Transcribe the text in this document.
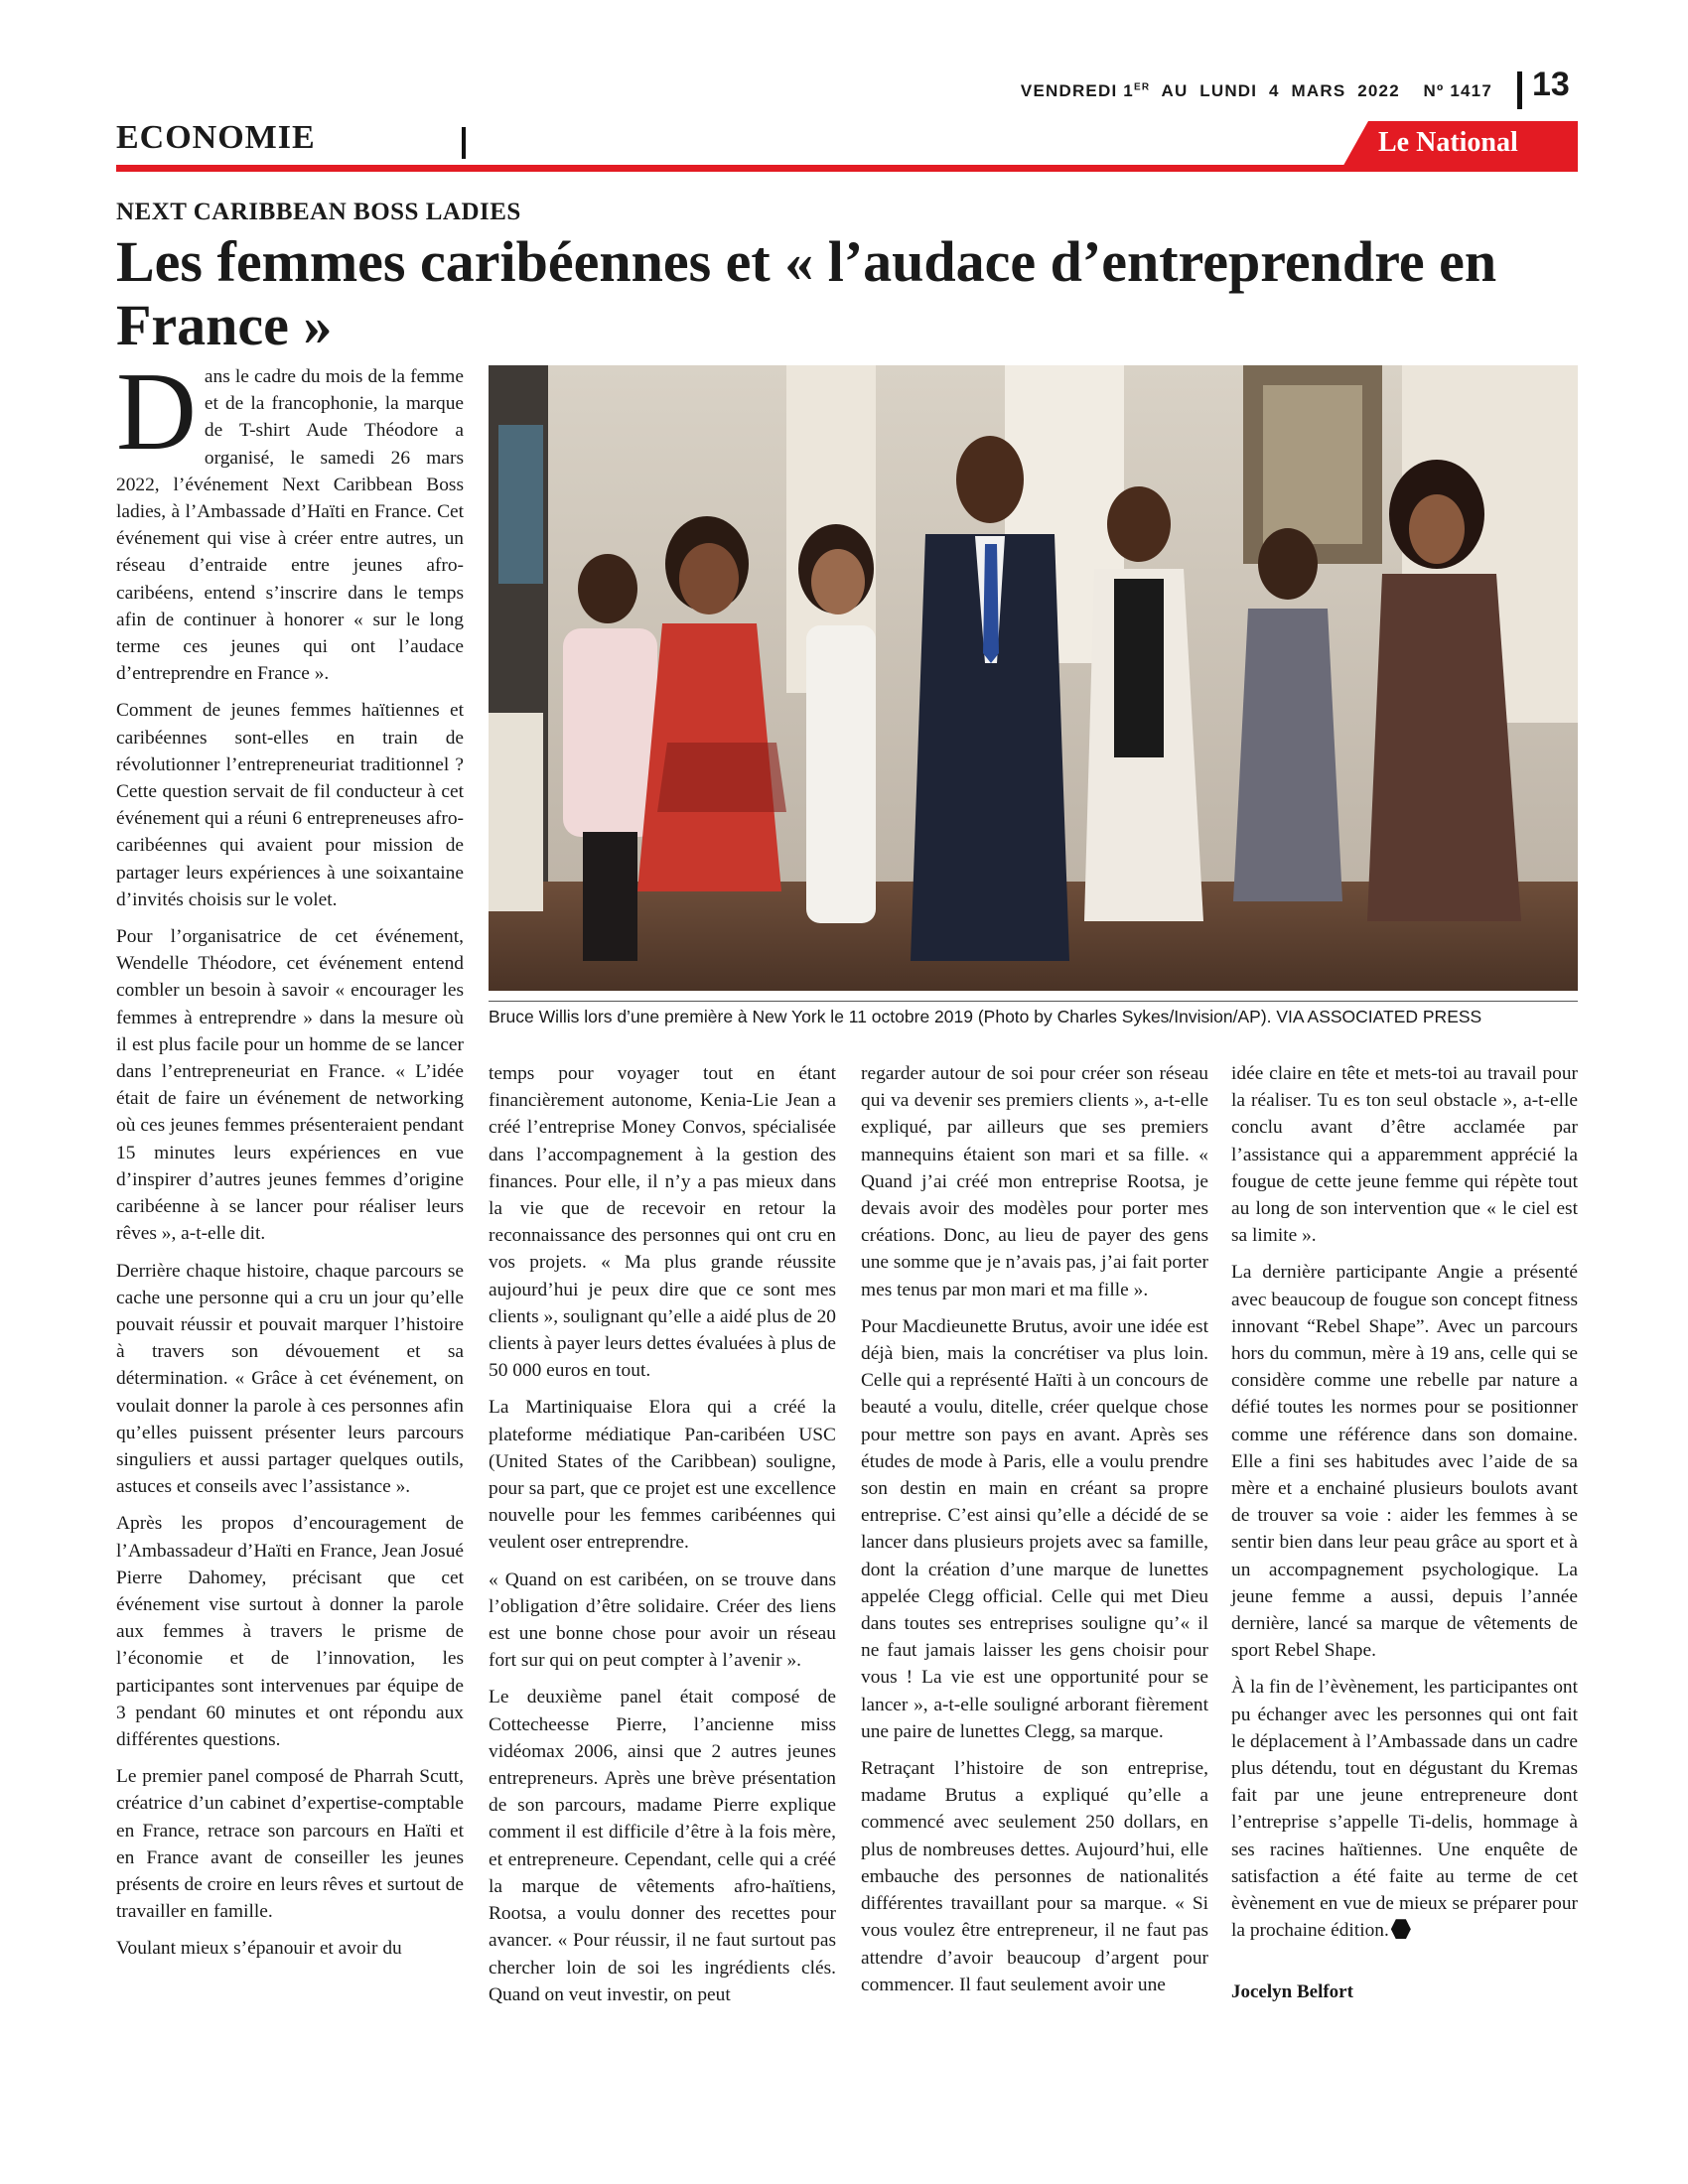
VENDREDI 1ER  AU  LUNDI  4  MARS  2022    Nº 1417 13
ECONOMIE	Le National
NEXT CARIBBEAN BOSS LADIES
Les femmes caribéennes et « l’audace d’entreprendre en France »
Bruce Willis lors d’une première à New York le 11 octobre 2019 (Photo by Charles Sykes/Invision/AP). VIA ASSOCIATED PRESS

Dans le cadre du mois de la femme et de la francophonie, la marque de T-shirt Aude Théodore a organisé, le samedi 26 mars 2022, l’événement Next Caribbean Boss ladies, à l’Ambassade d’Haïti en France. Cet événement qui vise à créer entre autres, un réseau d’entraide entre jeunes afro-caribéens, entend s’inscrire dans le temps afin de continuer à honorer « sur le long terme ces jeunes qui ont l’audace d’entreprendre en France ».

Comment de jeunes femmes haïtiennes et caribéennes sont-elles en train de révolutionner l’entrepreneuriat traditionnel ? Cette question servait de fil conducteur à cet événement qui a réuni 6 entrepreneuses afro-caribéennes qui avaient pour mission de partager leurs expériences à une soixantaine d’invités choisis sur le volet.

Pour l’organisatrice de cet événement, Wendelle Théodore, cet événement entend combler un besoin à savoir « encourager les femmes à entreprendre » dans la mesure où il est plus facile pour un homme de se lancer dans l’entrepreneuriat en France. « L’idée était de faire un événement de networking où ces jeunes femmes présenteraient pendant 15 minutes leurs expériences en vue d’inspirer d’autres jeunes femmes d’origine caribéenne à se lancer pour réaliser leurs rêves », a-t-elle dit.

Derrière chaque histoire, chaque parcours se cache une personne qui a cru un jour qu’elle pouvait réussir et pouvait marquer l’histoire à travers son dévouement et sa détermination. « Grâce à cet événement, on voulait donner la parole à ces personnes afin qu’elles puissent présenter leurs parcours singuliers et aussi partager quelques outils, astuces et conseils avec l’assistance ».

Après les propos d’encouragement de l’Ambassadeur d’Haïti en France, Jean Josué Pierre Dahomey, précisant que cet événement vise surtout à donner la parole aux femmes à travers le prisme de l’économie et de l’innovation, les participantes sont intervenues par équipe de 3 pendant 60 minutes et ont répondu aux différentes questions.

Le premier panel composé de Pharrah Scutt, créatrice d’un cabinet d’expertise-comptable en France, retrace son parcours en Haïti et en France avant de conseiller les jeunes présents de croire en leurs rêves et surtout de travailler en famille.

Voulant mieux s’épanouir et avoir du

temps pour voyager tout en étant financièrement autonome, Kenia-Lie Jean a créé l’entreprise Money Convos, spécialisée dans l’accompagnement à la gestion des finances. Pour elle, il n’y a pas mieux dans la vie que de recevoir en retour la reconnaissance des personnes qui ont cru en vos projets. « Ma plus grande réussite aujourd’hui je peux dire que ce sont mes clients », soulignant qu’elle a aidé plus de 20 clients à payer leurs dettes évaluées à plus de 50 000 euros en tout.

La Martiniquaise Elora qui a créé la plateforme médiatique Pan-caribéen USC (United States of the Caribbean) souligne, pour sa part, que ce projet est une excellence nouvelle pour les femmes caribéennes qui veulent oser entreprendre.

« Quand on est caribéen, on se trouve dans l’obligation d’être solidaire. Créer des liens est une bonne chose pour avoir un réseau fort sur qui on peut compter à l’avenir ».

Le deuxième panel était composé de Cottecheesse Pierre, l’ancienne miss vidéomax 2006, ainsi que 2 autres jeunes entrepreneurs. Après une brève présentation de son parcours, madame Pierre explique comment il est difficile d’être à la fois mère, et entrepreneure. Cependant, celle qui a créé la marque de vêtements afro-haïtiens, Rootsa, a voulu donner des recettes pour avancer. « Pour réussir, il ne faut surtout pas chercher loin de soi les ingrédients clés. Quand on veut investir, on peut

regarder autour de soi pour créer son réseau qui va devenir ses premiers clients », a-t-elle expliqué, par ailleurs que ses premiers mannequins étaient son mari et sa fille. « Quand j’ai créé mon entreprise Rootsa, je devais avoir des modèles pour porter mes créations. Donc, au lieu de payer des gens une somme que je n’avais pas, j’ai fait porter mes tenus par mon mari et ma fille ».

Pour Macdieunette Brutus, avoir une idée est déjà bien, mais la concrétiser va plus loin. Celle qui a représenté Haïti à un concours de beauté a voulu, ditelle, créer quelque chose pour mettre son pays en avant. Après ses études de mode à Paris, elle a voulu prendre son destin en main en créant sa propre entreprise. C’est ainsi qu’elle a décidé de se lancer dans plusieurs projets avec sa famille, dont la création d’une marque de lunettes appelée Clegg official. Celle qui met Dieu dans toutes ses entreprises souligne qu’« il ne faut jamais laisser les gens choisir pour vous ! La vie est une opportunité pour se lancer », a-t-elle souligné arborant fièrement une paire de lunettes Clegg, sa marque.

Retraçant l’histoire de son entreprise, madame Brutus a expliqué qu’elle a commencé avec seulement 250 dollars, en plus de nombreuses dettes. Aujourd’hui, elle embauche des personnes de nationalités différentes travaillant pour sa marque. « Si vous voulez être entrepreneur, il ne faut pas attendre d’avoir beaucoup d’argent pour commencer. Il faut seulement avoir une

idée claire en tête et mets-toi au travail pour la réaliser. Tu es ton seul obstacle », a-t-elle conclu avant d’être acclamée par l’assistance qui a apparemment apprécié la fougue de cette jeune femme qui répète tout au long de son intervention que « le ciel est sa limite ».

La dernière participante Angie a présenté avec beaucoup de fougue son concept fitness innovant “Rebel Shape”. Avec un parcours hors du commun, mère à 19 ans, celle qui se considère comme une rebelle par nature a défié toutes les normes pour se positionner comme une référence dans son domaine. Elle a fini ses habitudes avec l’aide de sa mère et a enchainé plusieurs boulots avant de trouver sa voie : aider les femmes à se sentir bien dans leur peau grâce au sport et à un accompagnement psychologique. La jeune femme a aussi, depuis l’année dernière, lancé sa marque de vêtements de sport Rebel Shape.

À la fin de l’èvènement, les participantes ont pu échanger avec les personnes qui ont fait le déplacement à l’Ambassade dans un cadre plus détendu, tout en dégustant du Kremas fait par une jeune entrepreneure dont l’entreprise s’appelle Ti-delis, hommage à ses racines haïtiennes. Une enquête de satisfaction a été faite au terme de cet èvènement en vue de mieux se préparer pour la prochaine édition.

Jocelyn Belfort
